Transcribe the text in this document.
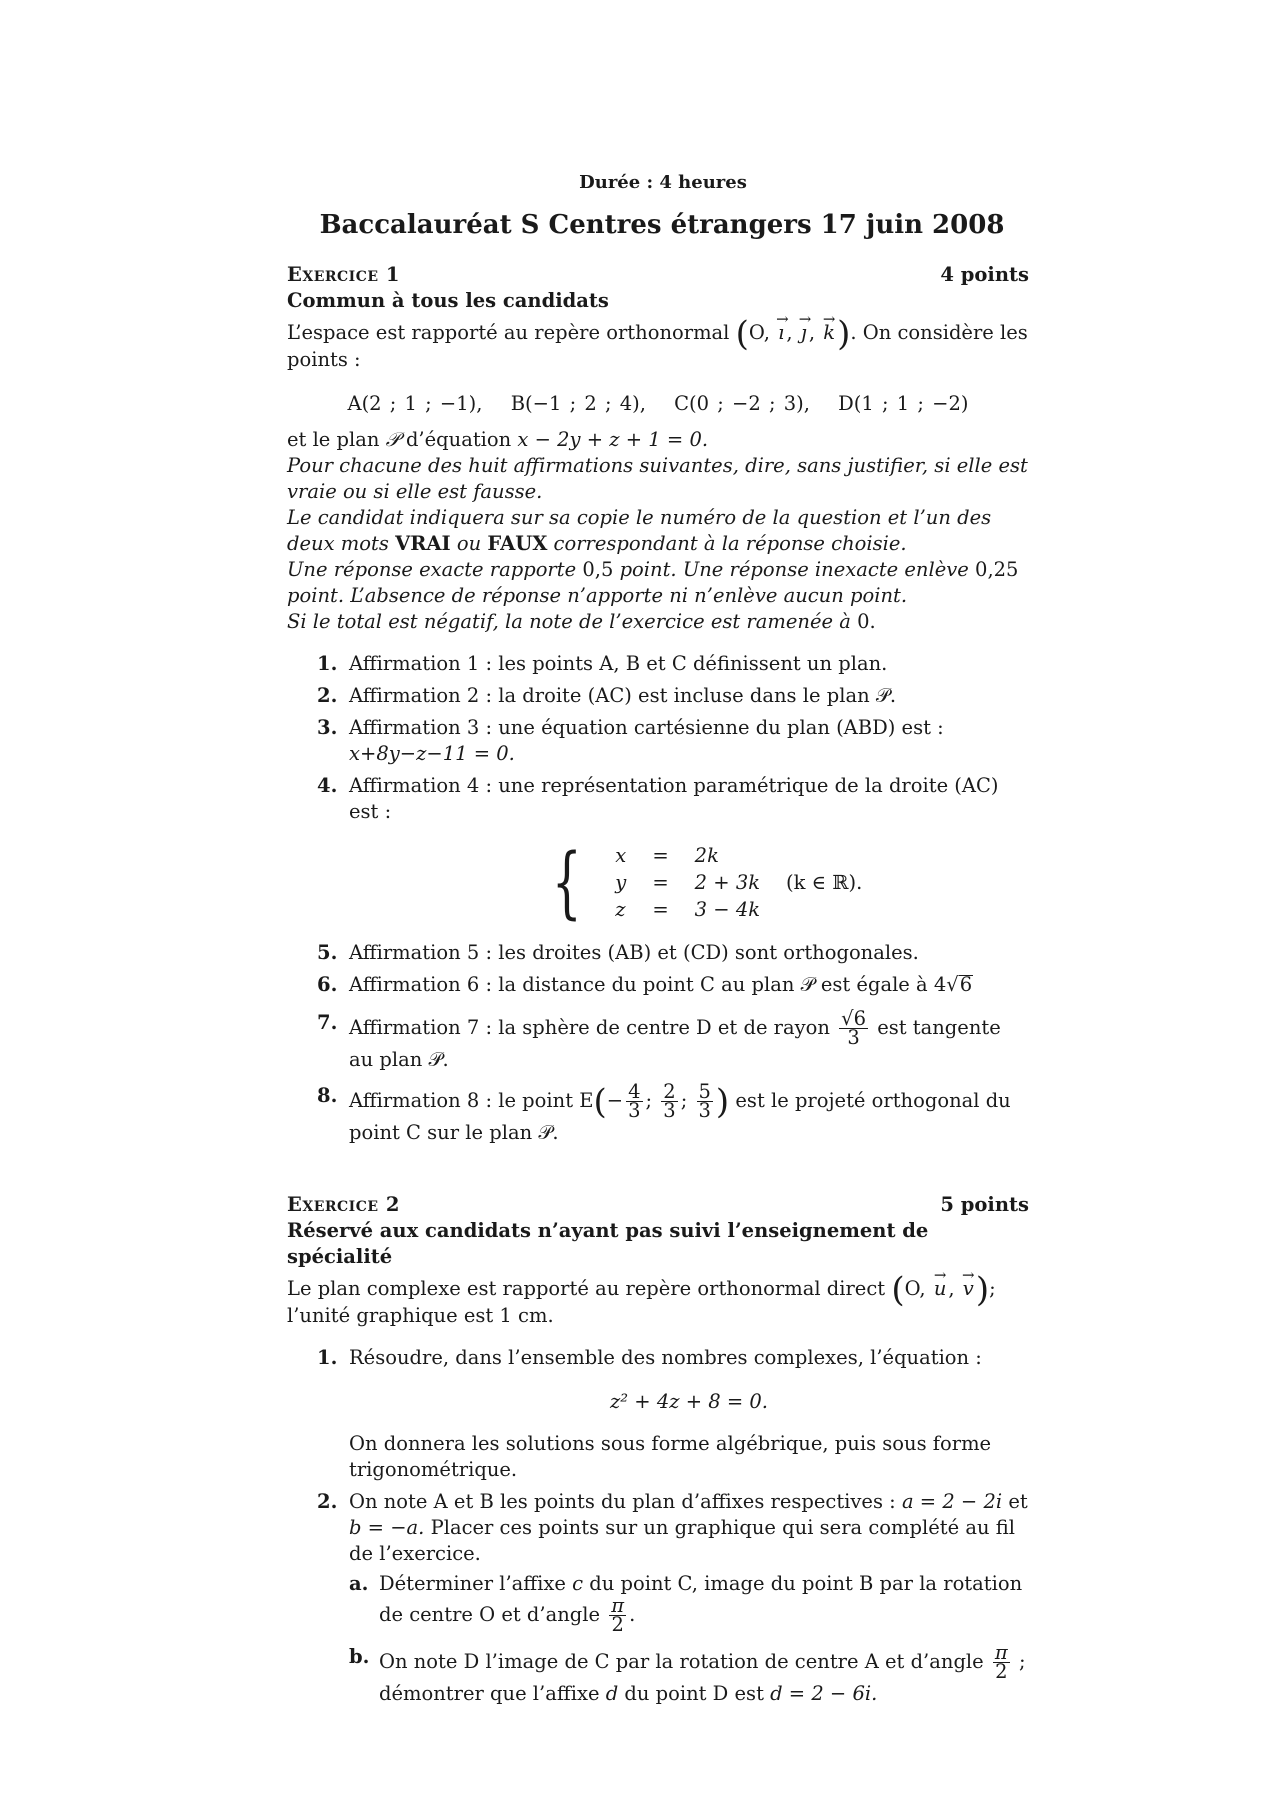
Durée : 4 heures
Baccalauréat S Centres étrangers 17 juin 2008
Exercice 1	4 points
Commun à tous les candidats
L’espace est rapporté au repère orthonormal (O, → ı , → ȷ , → k). On considère les points :
A(2 ; 1 ; −1), B(−1 ; 2 ; 4), C(0 ; −2 ; 3), D(1 ; 1 ; −2)
et le plan 𝒫 d’équation x − 2y + z + 1 = 0.
Pour chacune des huit affirmations suivantes, dire, sans justifier, si elle est vraie ou si elle est fausse.
Le candidat indiquera sur sa copie le numéro de la question et l’un des deux mots VRAI ou FAUX correspondant à la réponse choisie.
Une réponse exacte rapporte 0,5 point. Une réponse inexacte enlève 0,25 point. L’absence de réponse n’apporte ni n’enlève aucun point.
Si le total est négatif, la note de l’exercice est ramenée à 0.
1. Affirmation 1 : les points A, B et C définissent un plan.
2. Affirmation 2 : la droite (AC) est incluse dans le plan 𝒫.
3. Affirmation 3 : une équation cartésienne du plan (ABD) est : x+8y−z−11 = 0.
4. Affirmation 4 : une représentation paramétrique de la droite (AC) est :
{ x	=	2k	(k ∈ ℝ).
y	=	2 + 3k	
z	=	3 − 4k	
5. Affirmation 5 : les droites (AB) et (CD) sont orthogonales.
6. Affirmation 6 : la distance du point C au plan 𝒫 est égale à 4√6
7. Affirmation 7 : la sphère de centre D et de rayon $\frac{√6}{3}$ est tangente au plan 𝒫.
8. Affirmation 8 : le point $E(- \frac{4}{3}$ ; $\frac{2}{3}$ ; $\frac{5}{3}$ ) est le projeté orthogonal du point C sur le plan 𝒫.
Exercice 2	5 points
Réservé aux candidats n’ayant pas suivi l’enseignement de spécialité
Le plan complexe est rapporté au repère orthonormal direct (O, → u , → v); l’unité graphique est 1 cm.
1. Résoudre, dans l’ensemble des nombres complexes, l’équation :
z² + 4z + 8 = 0.
On donnera les solutions sous forme algébrique, puis sous forme trigonométrique.
2. On note A et B les points du plan d’affixes respectives : a = 2 − 2i et b = −a. Placer ces points sur un graphique qui sera complété au fil de l’exercice.
a. Déterminer l’affixe c du point C, image du point B par la rotation de centre O et d’angle $\frac{\pi}{2}$ .
b. On note D l’image de C par la rotation de centre A et d’angle $\frac{\pi}{2}$ ; démontrer que l’affixe d du point D est d = 2 − 6i.
